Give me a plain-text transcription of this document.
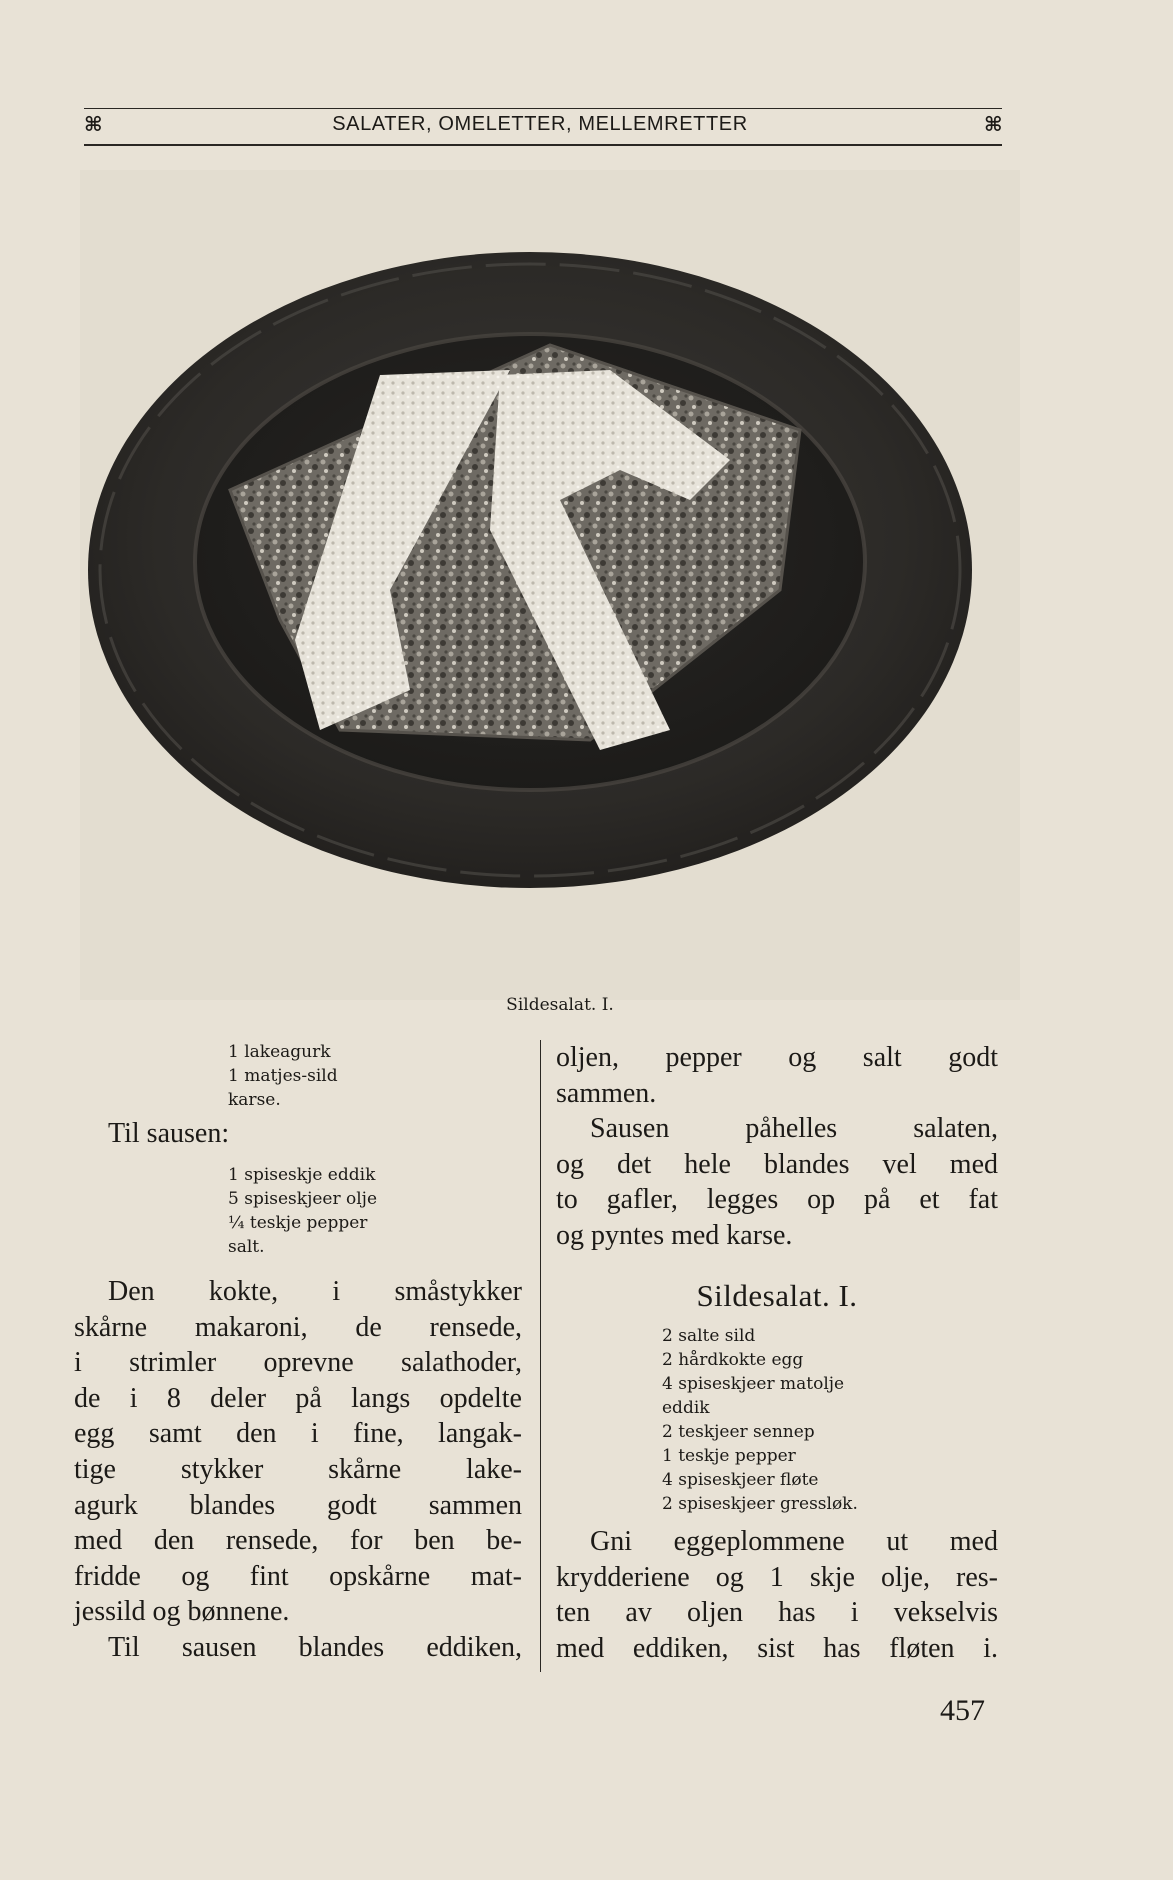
⌘	SALATER, OMELETTER, MELLEMRETTER	⌘
Sildesalat. I.
1 lakeagurk
1 matjes-sild
karse.
Til sausen:
1 spiseskje eddik
5 spiseskjeer olje
¼ teskje pepper
salt.

Den kokte, i småstykker

skårne makaroni, de rensede,

i strimler oprevne salathoder,

de i 8 deler på langs opdelte

egg samt den i fine, langak-

tige stykker skårne lake-

agurk blandes godt sammen

med den rensede, for ben be-

fridde og fint opskårne mat-

jessild og bønnene.

Til sausen blandes eddiken,

oljen, pepper og salt godt

sammen.

Sausen påhelles salaten,

og det hele blandes vel med

to gafler, legges op på et fat

og pyntes med karse.

Sildesalat. I.
2 salte sild
2 hårdkokte egg
4 spiseskjeer matolje
eddik
2 teskjeer sennep
1 teskje pepper
4 spiseskjeer fløte
2 spiseskjeer gressløk.

Gni eggeplommene ut med

krydderiene og 1 skje olje, res-

ten av oljen has i vekselvis

med eddiken, sist has fløten i.

457
